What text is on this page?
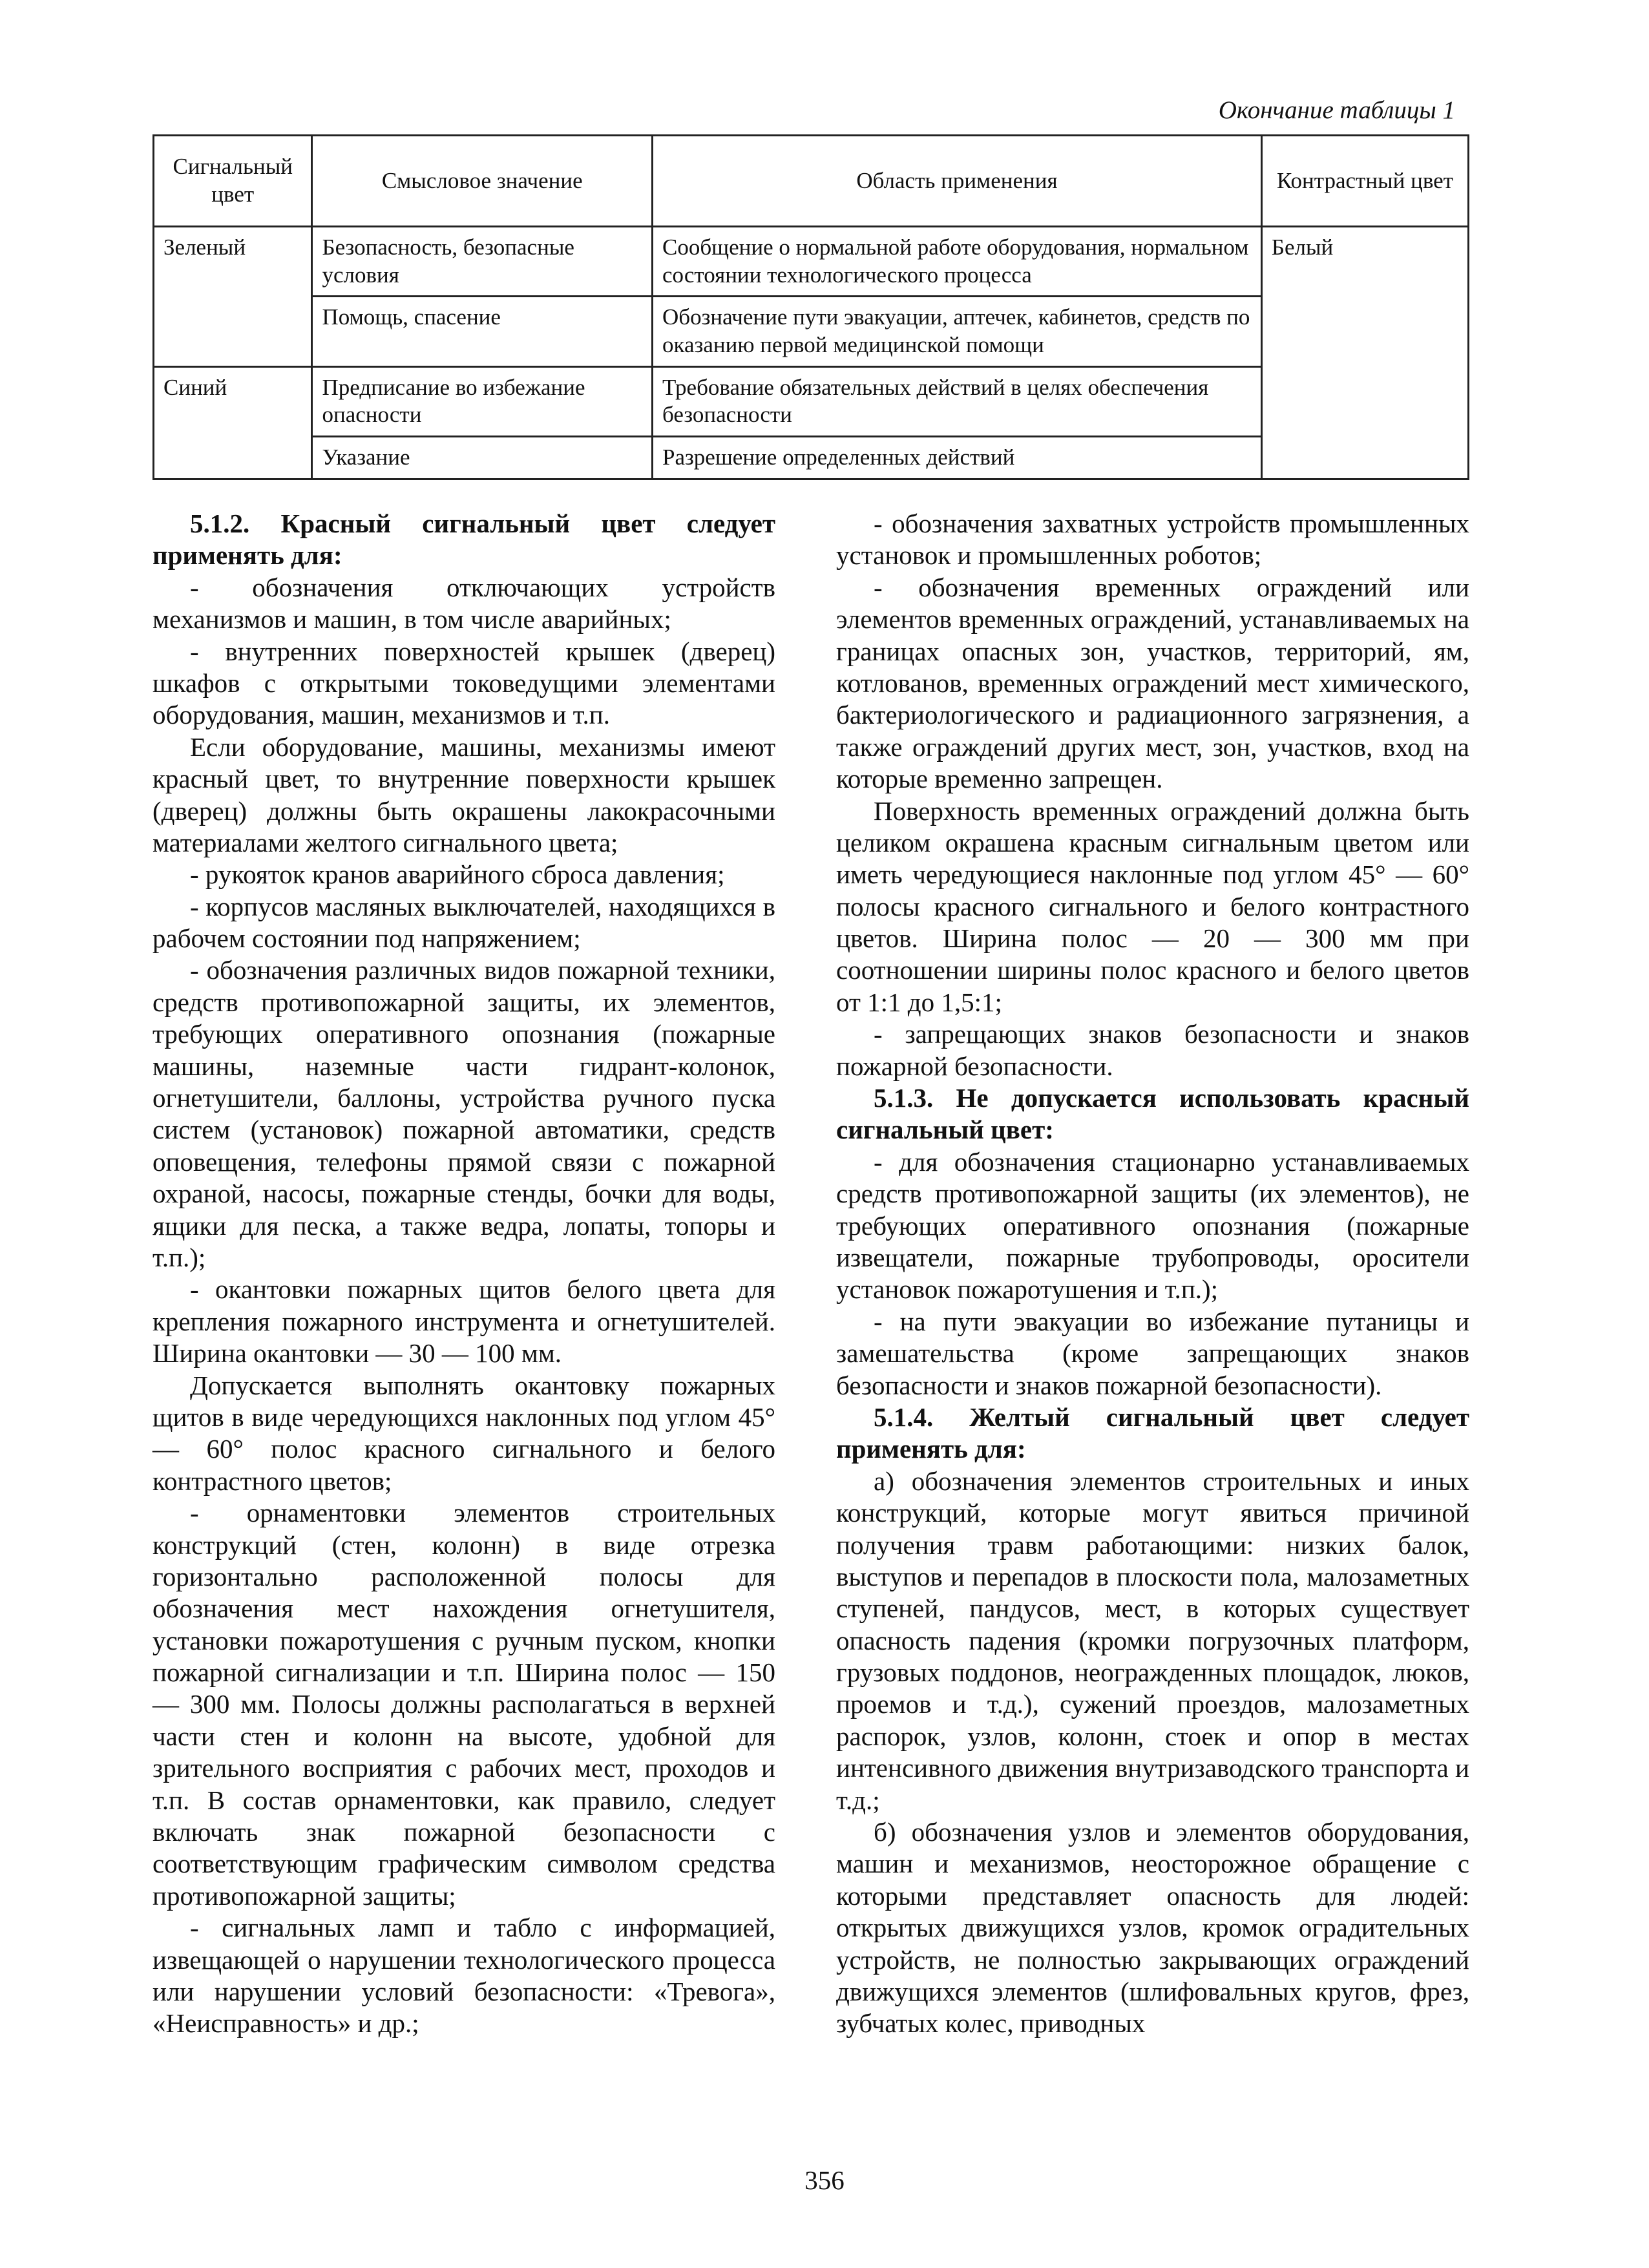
Окончание таблицы 1
Сигнальный цвет	Смысловое значение	Область применения	Контрастный цвет
Зеленый	Безопасность, безопасные условия	Сообщение о нормальной работе оборудования, нормальном состоянии технологического процесса	Белый
	Помощь, спасение	Обозначение пути эвакуации, аптечек, кабинетов, средств по оказанию первой медицинской помощи	
Синий	Предписание во избежание опасности	Требование обязательных действий в целях обеспечения безопасности	
	Указание	Разрешение определенных действий	

5.1.2. Красный сигнальный цвет следует применять для:

- обозначения отключающих устройств механизмов и машин, в том числе аварийных;

- внутренних поверхностей крышек (дверец) шкафов с открытыми токоведущими элементами оборудования, машин, механизмов и т.п.

Если оборудование, машины, механизмы имеют красный цвет, то внутренние поверхности крышек (дверец) должны быть окрашены лакокрасочными материалами желтого сигнального цвета;

- рукояток кранов аварийного сброса давления;

- корпусов масляных выключателей, находящихся в рабочем состоянии под напряжением;

- обозначения различных видов пожарной техники, средств противопожарной защиты, их элементов, требующих оперативного опознания (пожарные машины, наземные части гидрант-колонок, огнетушители, баллоны, устройства ручного пуска систем (установок) пожарной автоматики, средств оповещения, телефоны прямой связи с пожарной охраной, насосы, пожарные стенды, бочки для воды, ящики для песка, а также ведра, лопаты, топоры и т.п.);

- окантовки пожарных щитов белого цвета для крепления пожарного инструмента и огнетушителей. Ширина окантовки — 30 — 100 мм.

Допускается выполнять окантовку пожарных щитов в виде чередующихся наклонных под углом 45° — 60° полос красного сигнального и белого контрастного цветов;

- орнаментовки элементов строительных конструкций (стен, колонн) в виде отрезка горизонтально расположенной полосы для обозначения мест нахождения огнетушителя, установки пожаротушения с ручным пуском, кнопки пожарной сигнализации и т.п. Ширина полос — 150 — 300 мм. Полосы должны располагаться в верхней части стен и колонн на высоте, удобной для зрительного восприятия с рабочих мест, проходов и т.п. В состав орнаментовки, как правило, следует включать знак пожарной безопасности с соответствующим графическим символом средства противопожарной защиты;

- сигнальных ламп и табло с информацией, извещающей о нарушении технологического процесса или нарушении условий безопасности: «Тревога», «Неисправность» и др.;

- обозначения захватных устройств промышленных установок и промышленных роботов;

- обозначения временных ограждений или элементов временных ограждений, устанавливаемых на границах опасных зон, участков, территорий, ям, котлованов, временных ограждений мест химического, бактериологического и радиационного загрязнения, а также ограждений других мест, зон, участков, вход на которые временно запрещен.

Поверхность временных ограждений должна быть целиком окрашена красным сигнальным цветом или иметь чередующиеся наклонные под углом 45° — 60° полосы красного сигнального и белого контрастного цветов. Ширина полос — 20 — 300 мм при соотношении ширины полос красного и белого цветов от 1:1 до 1,5:1;

- запрещающих знаков безопасности и знаков пожарной безопасности.

5.1.3. Не допускается использовать красный сигнальный цвет:

- для обозначения стационарно устанавливаемых средств противопожарной защиты (их элементов), не требующих оперативного опознания (пожарные извещатели, пожарные трубопроводы, оросители установок пожаротушения и т.п.);

- на пути эвакуации во избежание путаницы и замешательства (кроме запрещающих знаков безопасности и знаков пожарной безопасности).

5.1.4. Желтый сигнальный цвет следует применять для:

а) обозначения элементов строительных и иных конструкций, которые могут явиться причиной получения травм работающими: низких балок, выступов и перепадов в плоскости пола, малозаметных ступеней, пандусов, мест, в которых существует опасность падения (кромки погрузочных платформ, грузовых поддонов, неогражденных площадок, люков, проемов и т.д.), сужений проездов, малозаметных распорок, узлов, колонн, стоек и опор в местах интенсивного движения внутризаводского транспорта и т.д.;

б) обозначения узлов и элементов оборудования, машин и механизмов, неосторожное обращение с которыми представляет опасность для людей: открытых движущихся узлов, кромок оградительных устройств, не полностью закрывающих ограждений движущихся элементов (шлифовальных кругов, фрез, зубчатых колес, приводных

356
